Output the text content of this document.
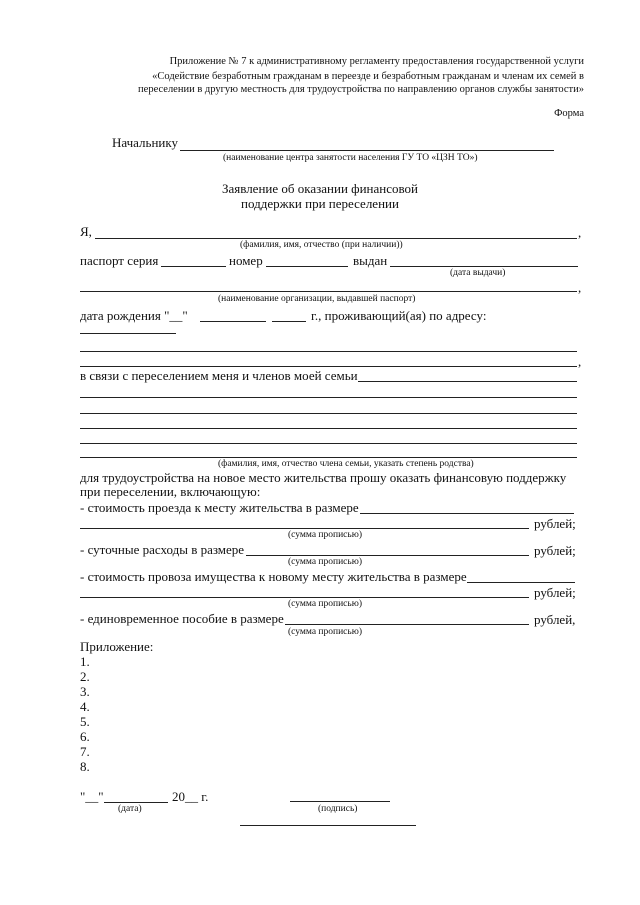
Приложение № 7 к административному регламенту предоставления государственной услуги
«Содействие безработным гражданам в переезде и безработным гражданам и членам их семей в
переселении в другую местность для трудоустройства по направлению органов службы занятости»
Форма
Начальнику
(наименование центра занятости населения ГУ ТО «ЦЗН ТО»)
Заявление об оказании финансовой
поддержки при переселении
Я,	,
(фамилия, имя, отчество (при наличии))
паспорт серия	номер	выдан
(дата выдачи)
,
(наименование организации, выдавшей паспорт)
дата рождения "__"	г., проживающий(ая) по адресу:
,
в связи с переселением меня и членов моей семьи
(фамилия, имя, отчество члена семьи, указать степень родства)
для трудоустройства на новое место жительства прошу оказать финансовую поддержку
при переселении, включающую:
- стоимость проезда к месту жительства в размере
рублей;
(сумма прописью)
- суточные расходы в размере	рублей;
(сумма прописью)
- стоимость провоза имущества к новому месту жительства в размере
рублей;
(сумма прописью)
- единовременное пособие в размере	рублей,
(сумма прописью)
Приложение:
1.
2.
3.
4.
5.
6.
7.
8.
"__"	20__ г.
(дата)	(подпись)
